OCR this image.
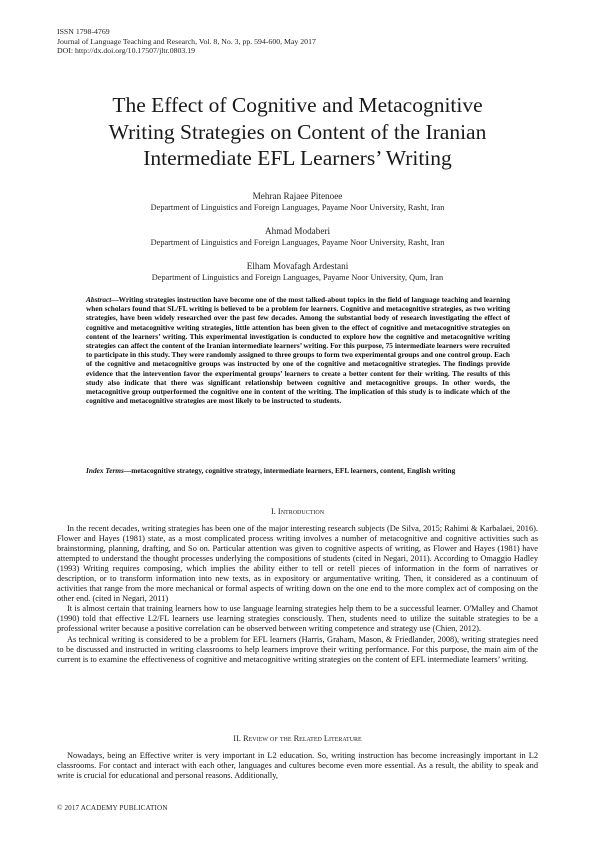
ISSN 1798-4769
Journal of Language Teaching and Research, Vol. 8, No. 3, pp. 594-600, May 2017
DOI: http://dx.doi.org/10.17507/jltr.0803.19
The Effect of Cognitive and Metacognitive
Writing Strategies on Content of the Iranian
Intermediate EFL Learners’ Writing
Mehran Rajaee Pitenoee
Department of Linguistics and Foreign Languages, Payame Noor University, Rasht, Iran
Ahmad Modaberi
Department of Linguistics and Foreign Languages, Payame Noor University, Rasht, Iran
Elham Movafagh Ardestani
Department of Linguistics and Foreign Languages, Payame Noor University, Qum, Iran
Abstract—Writing strategies instruction have become one of the most talked-about topics in the field of language teaching and learning when scholars found that SL/FL writing is believed to be a problem for learners. Cognitive and metacognitive strategies, as two writing strategies, have been widely researched over the past few decades. Among the substantial body of research investigating the effect of cognitive and metacognitive writing strategies, little attention has been given to the effect of cognitive and metacognitive strategies on content of the learners’ writing. This experimental investigation is conducted to explore how the cognitive and metacognitive writing strategies can affect the content of the Iranian intermediate learners’ writing. For this purpose, 75 intermediate learners were recruited to participate in this study. They were randomly assigned to three groups to form two experimental groups and one control group. Each of the cognitive and metacognitive groups was instructed by one of the cognitive and metacognitive strategies. The findings provide evidence that the intervention favor the experimental groups’ learners to create a better content for their writing. The results of this study also indicate that there was significant relationship between cognitive and metacognitive groups. In other words, the metacognitive group outperformed the cognitive one in content of the writing. The implication of this study is to indicate which of the cognitive and metacognitive strategies are most likely to be instructed to students.
Index Terms—metacognitive strategy, cognitive strategy, intermediate learners, EFL learners, content, English writing
I. Introduction

In the recent decades, writing strategies has been one of the major interesting research subjects (De Silva, 2015; Rahimi & Karbalaei, 2016). Flower and Hayes (1981) state, as a most complicated process writing involves a number of metacognitive and cognitive activities such as brainstorming, planning, drafting, and So on. Particular attention was given to cognitive aspects of writing, as Flower and Hayes (1981) have attempted to understand the thought processes underlying the compositions of students (cited in Negari, 2011). According to Omaggio Hadley (1993) Writing requires composing, which implies the ability either to tell or retell pieces of information in the form of narratives or description, or to transform information into new texts, as in expository or argumentative writing. Then, it considered as a continuum of activities that range from the more mechanical or formal aspects of writing down on the one end to the more complex act of composing on the other end. (cited in Negari, 2011)

It is almost certain that training learners how to use language learning strategies help them to be a successful learner. O'Malley and Chamot (1990) told that effective L2/FL learners use learning strategies consciously. Then, students need to utilize the suitable strategies to be a professional writer because a positive correlation can be observed between writing competence and strategy use (Chien, 2012).

As technical writing is considered to be a problem for EFL learners (Harris, Graham, Mason, & Friedlander, 2008), writing strategies need to be discussed and instructed in writing classrooms to help learners improve their writing performance. For this purpose, the main aim of the current is to examine the effectiveness of cognitive and metacognitive writing strategies on the content of EFL intermediate learners’ writing.

II. Review of the Related Literature

Nowadays, being an Effective writer is very important in L2 education. So, writing instruction has become increasingly important in L2 classrooms. For contact and interact with each other, languages and cultures become even more essential. As a result, the ability to speak and write is crucial for educational and personal reasons. Additionally,

© 2017 ACADEMY PUBLICATION
